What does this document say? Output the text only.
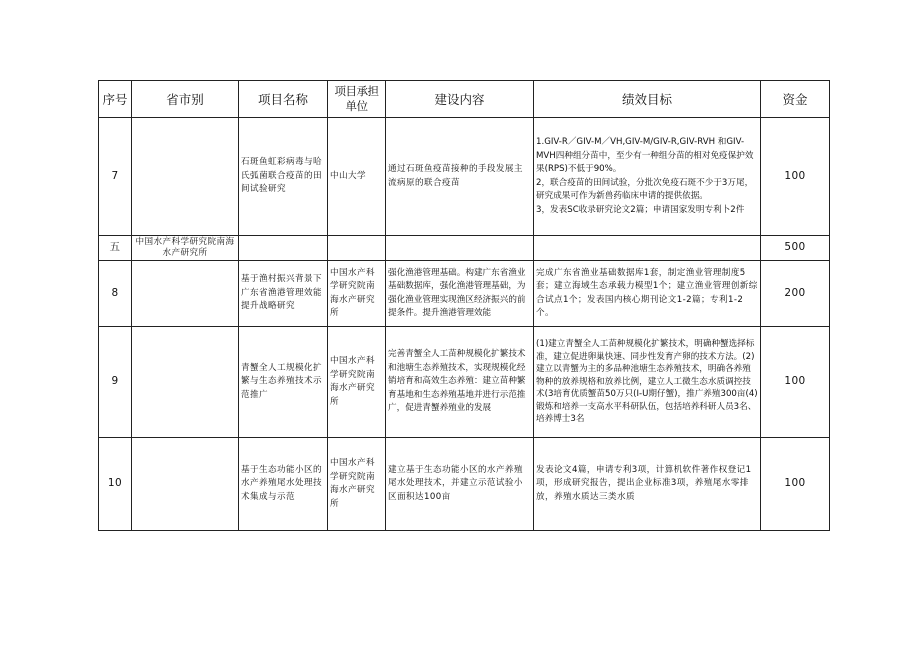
序号	省市别	项目名称	项目承担单位	建设内容	绩效目标	资金
7		石斑鱼虹彩病毒与哈氏弧菌联合疫苗的田间试验研究	中山大学	通过石斑鱼疫苗接种的手段发展主流病原的联合疫苗	1.GIV-R／GIV-M／VH,GIV-M/GIV-R,GIV-RVH 和GIV-MVH四种组分苗中，至少有一种组分苗的相对免疫保护效果(RPS)不低于90%。
2，联合疫苗的田间试验，分批次免疫石斑不少于3万尾，研究成果可作为新兽药临床申请的提供依据。
3，发表SC收录研究论文2篇；申请国家发明专利卜2件	100
五	中国水产科学研究院南海水产研究所					500
8		基于渔村振兴背景下广东省渔港管理效能提升战略研究	中国水产科学研究院南海水产研究所	强化渔港管理基础。构建广东省渔业基础数据库，强化渔港管理基础，为强化渔业管理实现渔区经济振兴的前提条件。提升渔港管理效能	完成广东省渔业基础数据库1套，制定渔业管理制度5套；建立海域生态承载力模型1个；建立渔业管理创新综合试点1个；发表国内核心期刊论文1-2篇；专利1-2个。	200
9		青蟹全人工规模化扩繁与生态养殖技术示范推广	中国水产科学研究院南海水产研究所	完善青蟹全人工苗种规模化扩繁技术和池塘生态养殖技术，实现规模化经 销培育和高效生态养殖：建立苗种繁育基地和生态养殖基地并进行示范推广，促进青蟹养殖业的发展	(1)建立青蟹全人工苗种规模化扩繁技术，明确种蟹选择标准，建立促进卵巢快速、同步性发育产卵的技术方法。(2)建立以青蟹为主的多品种池塘生态养殖技术，明确各养殖物种的放养规格和放养比例，建立人工微生态水质调控技术(3培育优质蟹苗50万只(I-U期仔蟹)，推广养殖300亩(4)锻炼和培养一支高水平科研队伍，包括培养科研人员3名、培养博士3名	100
10		基于生态功能小区的水产养殖尾水处理技术集成与示范	中国水产科学研究院南海水产研究所	建立基于生态功能小区的水产养殖尾水处理技术，并建立示范试验小区面积达100亩	发表论文4篇，申请专利3项，计算机软件著作权登记1项，形成研究报告，提出企业标准3项，养殖尾水零排放，养殖水质达三类水质	100
